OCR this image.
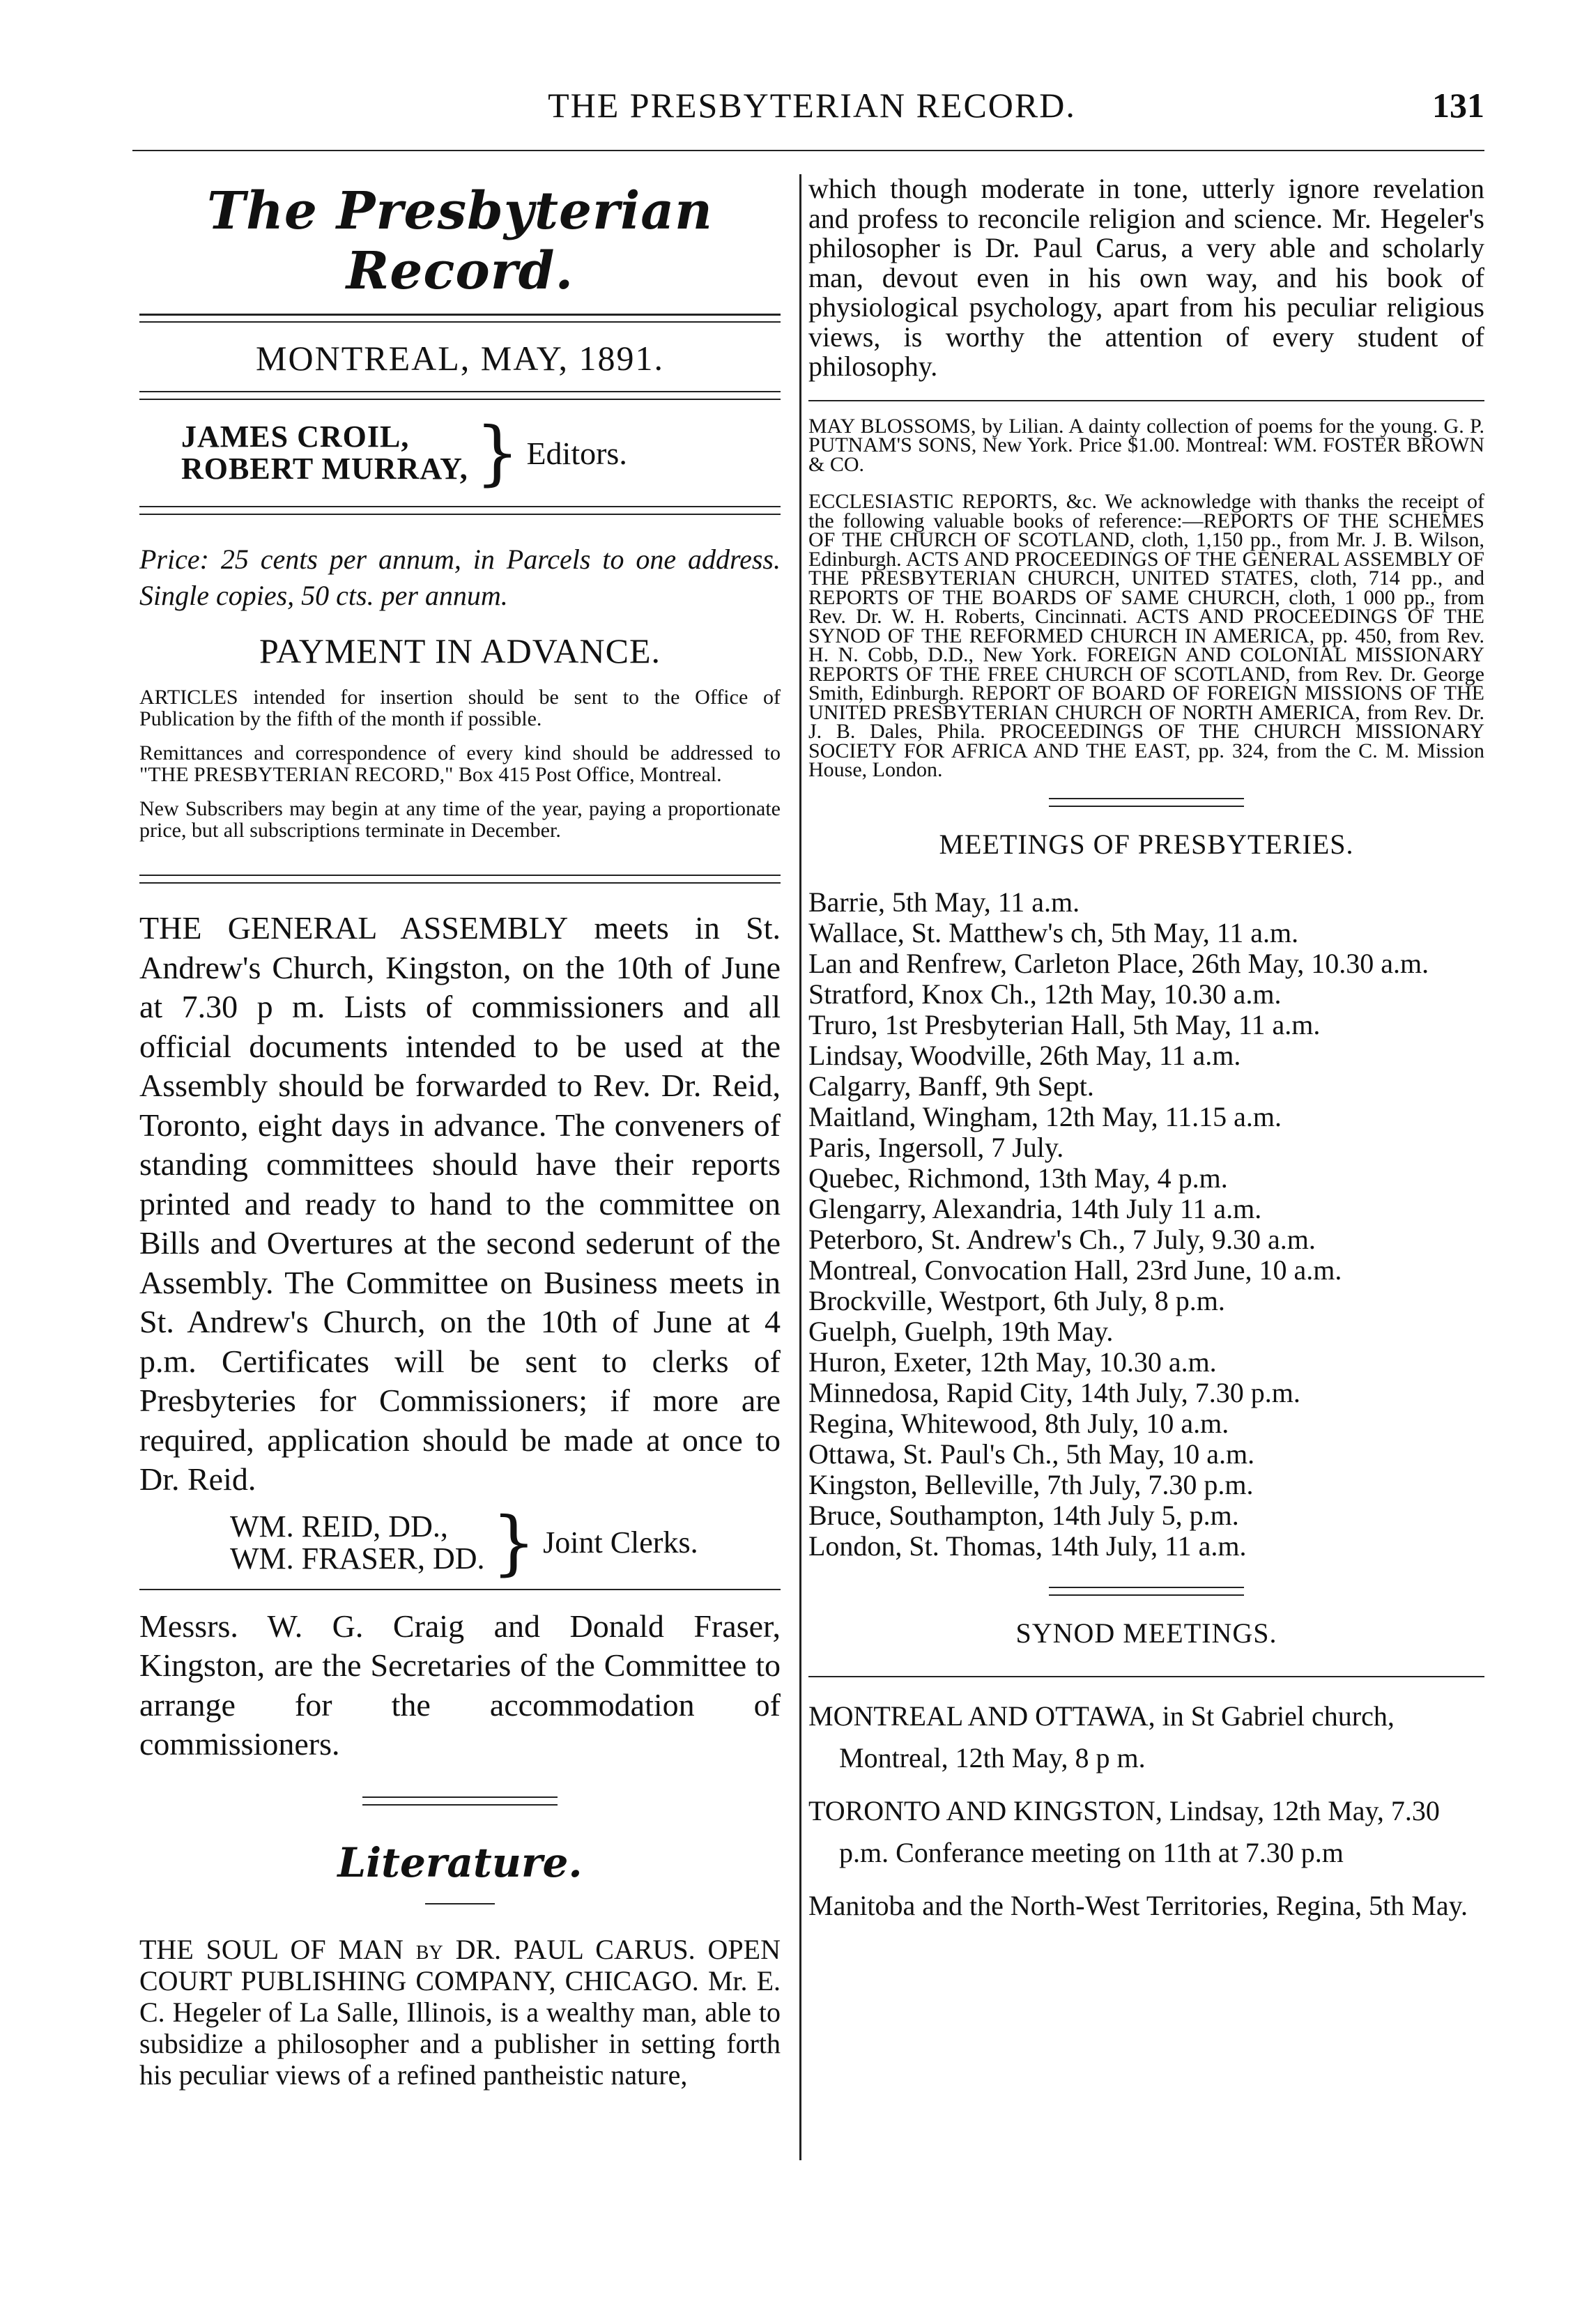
THE PRESBYTERIAN RECORD.	131
The Presbyterian Record.
MONTREAL, MAY, 1891.
JAMES CROIL,
ROBERT MURRAY, } Editors.

Price: 25 cents per annum, in Parcels to one address. Single copies, 50 cts. per annum.

PAYMENT IN ADVANCE.

ARTICLES intended for insertion should be sent to the Office of Publication by the fifth of the month if possible.

Remittances and correspondence of every kind should be addressed to "THE PRESBYTERIAN RECORD," Box 415 Post Office, Montreal.

New Subscribers may begin at any time of the year, paying a proportionate price, but all subscriptions terminate in December.

THE GENERAL ASSEMBLY meets in St. Andrew's Church, Kingston, on the 10th of June at 7.30 p m. Lists of commissioners and all official documents intended to be used at the Assembly should be forwarded to Rev. Dr. Reid, Toronto, eight days in advance. The conveners of standing committees should have their reports printed and ready to hand to the committee on Bills and Overtures at the second sederunt of the Assembly. The Committee on Business meets in St. Andrew's Church, on the 10th of June at 4 p.m. Certificates will be sent to clerks of Presbyteries for Commissioners; if more are required, application should be made at once to Dr. Reid.

WM. REID, DD.,
WM. FRASER, DD. } Joint Clerks.

Messrs. W. G. Craig and Donald Fraser, Kingston, are the Secretaries of the Committee to arrange for the accommodation of commissioners.

Literature.

THE SOUL OF MAN by DR. PAUL CARUS. OPEN COURT PUBLISHING COMPANY, CHICAGO. Mr. E. C. Hegeler of La Salle, Illinois, is a wealthy man, able to subsidize a philosopher and a publisher in setting forth his peculiar views of a refined pantheistic nature,

which though moderate in tone, utterly ignore revelation and profess to reconcile religion and science. Mr. Hegeler's philosopher is Dr. Paul Carus, a very able and scholarly man, devout even in his own way, and his book of physiological psychology, apart from his peculiar religious views, is worthy the attention of every student of philosophy.

MAY BLOSSOMS, by Lilian. A dainty collection of poems for the young. G. P. PUTNAM'S SONS, New York. Price $1.00. Montreal: WM. FOSTER BROWN & CO.

ECCLESIASTIC REPORTS, &c. We acknowledge with thanks the receipt of the following valuable books of reference:—REPORTS OF THE SCHEMES OF THE CHURCH OF SCOTLAND, cloth, 1,150 pp., from Mr. J. B. Wilson, Edinburgh. ACTS AND PROCEEDINGS OF THE GENERAL ASSEMBLY OF THE PRESBYTERIAN CHURCH, UNITED STATES, cloth, 714 pp., and REPORTS OF THE BOARDS OF SAME CHURCH, cloth, 1 000 pp., from Rev. Dr. W. H. Roberts, Cincinnati. ACTS AND PROCEEDINGS OF THE SYNOD OF THE REFORMED CHURCH IN AMERICA, pp. 450, from Rev. H. N. Cobb, D.D., New York. FOREIGN AND COLONIAL MISSIONARY REPORTS OF THE FREE CHURCH OF SCOTLAND, from Rev. Dr. George Smith, Edinburgh. REPORT OF BOARD OF FOREIGN MISSIONS OF THE UNITED PRESBYTERIAN CHURCH OF NORTH AMERICA, from Rev. Dr. J. B. Dales, Phila. PROCEEDINGS OF THE CHURCH MISSIONARY SOCIETY FOR AFRICA AND THE EAST, pp. 324, from the C. M. Mission House, London.

MEETINGS OF PRESBYTERIES.
Barrie, 5th May, 11 a.m.
Wallace, St. Matthew's ch, 5th May, 11 a.m.
Lan and Renfrew, Carleton Place, 26th May, 10.30 a.m.
Stratford, Knox Ch., 12th May, 10.30 a.m.
Truro, 1st Presbyterian Hall, 5th May, 11 a.m.
Lindsay, Woodville, 26th May, 11 a.m.
Calgarry, Banff, 9th Sept.
Maitland, Wingham, 12th May, 11.15 a.m.
Paris, Ingersoll, 7 July.
Quebec, Richmond, 13th May, 4 p.m.
Glengarry, Alexandria, 14th July 11 a.m.
Peterboro, St. Andrew's Ch., 7 July, 9.30 a.m.
Montreal, Convocation Hall, 23rd June, 10 a.m.
Brockville, Westport, 6th July, 8 p.m.
Guelph, Guelph, 19th May.
Huron, Exeter, 12th May, 10.30 a.m.
Minnedosa, Rapid City, 14th July, 7.30 p.m.
Regina, Whitewood, 8th July, 10 a.m.
Ottawa, St. Paul's Ch., 5th May, 10 a.m.
Kingston, Belleville, 7th July, 7.30 p.m.
Bruce, Southampton, 14th July 5, p.m.
London, St. Thomas, 14th July, 11 a.m.
SYNOD MEETINGS.

MONTREAL AND OTTAWA, in St Gabriel church, Montreal, 12th May, 8 p m.

TORONTO AND KINGSTON, Lindsay, 12th May, 7.30 p.m. Conferance meeting on 11th at 7.30 p.m

Manitoba and the North-West Territories, Regina, 5th May.
